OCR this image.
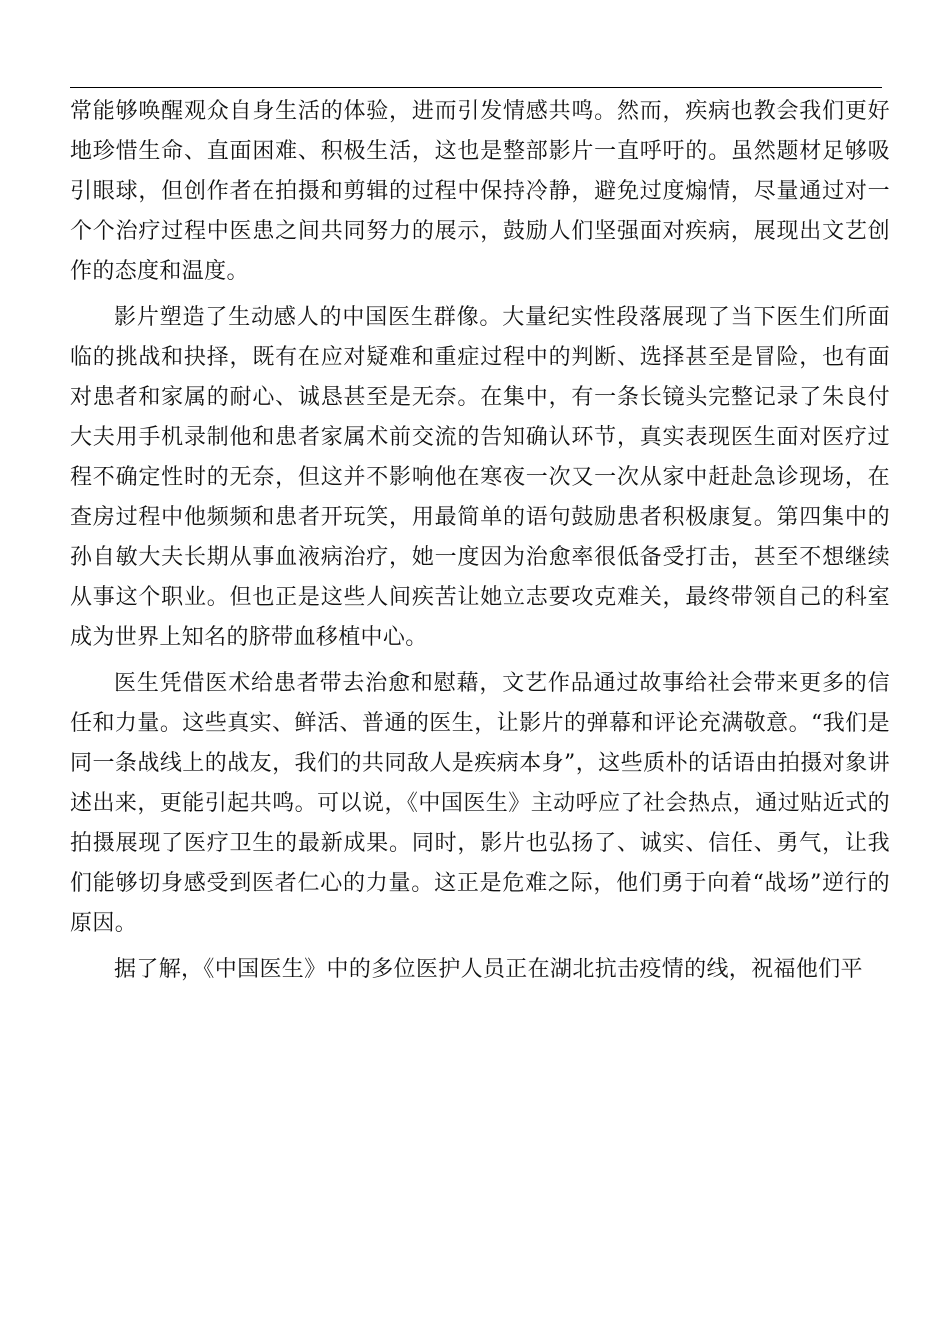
常能够唤醒观众自身生活的体验，进而引发情感共鸣。然而，疾病也教会我们更好地珍惜生命、直面困难、积极生活，这也是整部影片一直呼吁的。虽然题材足够吸引眼球，但创作者在拍摄和剪辑的过程中保持冷静，避免过度煽情，尽量通过对一个个治疗过程中医患之间共同努力的展示，鼓励人们坚强面对疾病，展现出文艺创作的态度和温度。

影片塑造了生动感人的中国医生群像。大量纪实性段落展现了当下医生们所面临的挑战和抉择，既有在应对疑难和重症过程中的判断、选择甚至是冒险，也有面对患者和家属的耐心、诚恳甚至是无奈。在集中，有一条长镜头完整记录了朱良付大夫用手机录制他和患者家属术前交流的告知确认环节，真实表现医生面对医疗过程不确定性时的无奈，但这并不影响他在寒夜一次又一次从家中赶赴急诊现场，在查房过程中他频频和患者开玩笑，用最简单的语句鼓励患者积极康复。第四集中的孙自敏大夫长期从事血液病治疗，她一度因为治愈率很低备受打击，甚至不想继续从事这个职业。但也正是这些人间疾苦让她立志要攻克难关，最终带领自己的科室成为世界上知名的脐带血移植中心。

医生凭借医术给患者带去治愈和慰藉，文艺作品通过故事给社会带来更多的信任和力量。这些真实、鲜活、普通的医生，让影片的弹幕和评论充满敬意。“我们是同一条战线上的战友，我们的共同敌人是疾病本身”，这些质朴的话语由拍摄对象讲述出来，更能引起共鸣。可以说，《中国医生》主动呼应了社会热点，通过贴近式的拍摄展现了医疗卫生的最新成果。同时，影片也弘扬了、诚实、信任、勇气，让我们能够切身感受到医者仁心的力量。这正是危难之际，他们勇于向着“战场”逆行的原因。

据了解，《中国医生》中的多位医护人员正在湖北抗击疫情的线，祝福他们平
